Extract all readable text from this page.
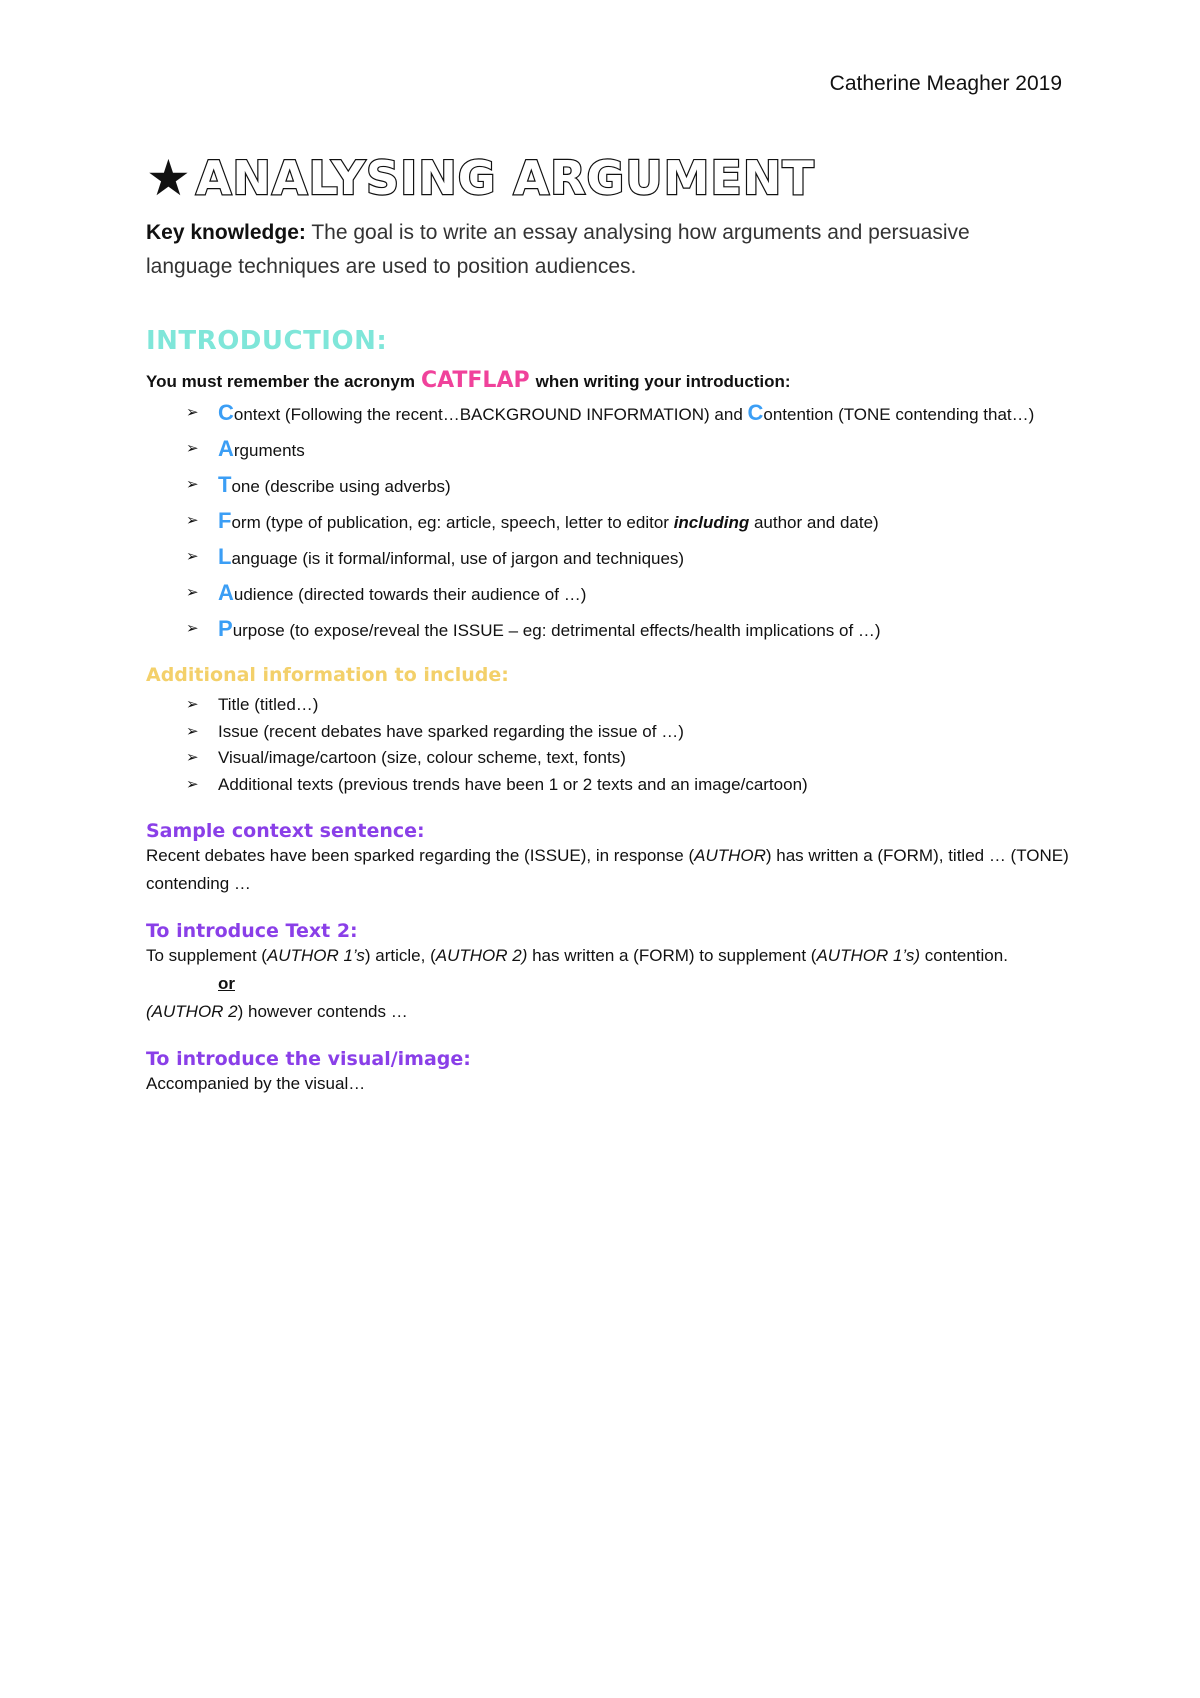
Catherine Meagher 2019
★ ANALYSING ARGUMENT
Key knowledge: The goal is to write an essay analysing how arguments and persuasive language techniques are used to position audiences.
INTRODUCTION:
You must remember the acronym CATFLAP when writing your introduction:
➢ Context (Following the recent…BACKGROUND INFORMATION) and Contention (TONE contending that…)
➢ Arguments
➢ Tone (describe using adverbs)
➢ Form (type of publication, eg: article, speech, letter to editor including author and date)
➢ Language (is it formal/informal, use of jargon and techniques)
➢ Audience (directed towards their audience of …)
➢ Purpose (to expose/reveal the ISSUE – eg: detrimental effects/health implications of …)
Additional information to include:
➢ Title (titled…)
➢ Issue (recent debates have sparked regarding the issue of …)
➢ Visual/image/cartoon (size, colour scheme, text, fonts)
➢ Additional texts (previous trends have been 1 or 2 texts and an image/cartoon)
Sample context sentence:
Recent debates have been sparked regarding the (ISSUE), in response (AUTHOR) has written a (FORM), titled … (TONE) contending …
To introduce Text 2:
To supplement (AUTHOR 1’s) article, (AUTHOR 2) has written a (FORM) to supplement (AUTHOR 1’s) contention.
or
(AUTHOR 2) however contends …
To introduce the visual/image:
Accompanied by the visual…
